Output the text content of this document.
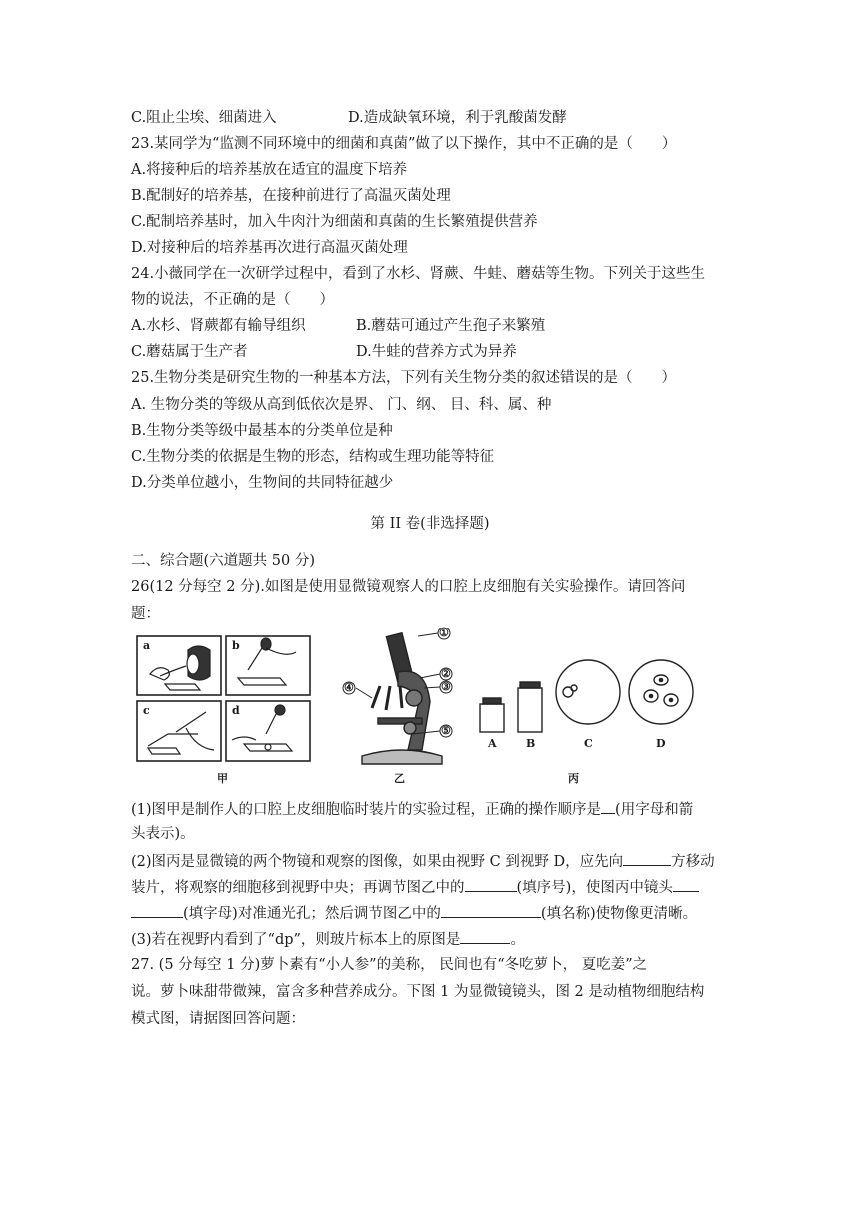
C.阻止尘埃、细菌进入	D.造成缺氧环境，利于乳酸菌发酵
23.某同学为“监测不同环境中的细菌和真菌”做了以下操作，其中不正确的是（　　）
A.将接种后的培养基放在适宜的温度下培养
B.配制好的培养基，在接种前进行了高温灭菌处理
C.配制培养基时，加入牛肉汁为细菌和真菌的生长繁殖提供营养
D.对接种后的培养基再次进行高温灭菌处理
24.小薇同学在一次研学过程中，看到了水杉、肾蕨、牛蛙、蘑菇等生物。下列关于这些生
物的说法，不正确的是（　　）
A.水杉、肾蕨都有输导组织	B.蘑菇可通过产生孢子来繁殖
C.蘑菇属于生产者	D.牛蛙的营养方式为异养
25.生物分类是研究生物的一种基本方法，下列有关生物分类的叙述错误的是（　　）
A. 生物分类的等级从高到低依次是界、 门、纲、 目、科、属、种
B.生物分类等级中最基本的分类单位是种
C.生物分类的依据是生物的形态，结构或生理功能等特征
D.分类单位越小，生物间的共同特征越少
第 II 卷(非选择题)
二、综合题(六道题共 50 分)
26(12 分每空 2 分).如图是使用显微镜观察人的口腔上皮细胞有关实验操作。请回答问
题：
a	b
c	d
①
②
③
④
⑤
A	B	C	D
甲	乙	丙
(1)图甲是制作人的口腔上皮细胞临时装片的实验过程，正确的操作顺序是 (用字母和箭
头表示)。
(2)图丙是显微镜的两个物镜和观察的图像，如果由视野 C 到视野 D，应先向	方移动
装片，将观察的细胞移到视野中央；再调节图乙中的	(填序号)，使图丙中镜头
(填字母)对准通光孔；然后调节图乙中的	(填名称)使物像更清晰。
(3)若在视野内看到了“dp”，则玻片标本上的原图是	。
27. (5 分每空 1 分)萝卜素有“小人参”的美称， 民间也有“冬吃萝卜， 夏吃姜”之
说。萝卜味甜带微辣，富含多种营养成分。下图 1 为显微镜镜头，图 2 是动植物细胞结构
模式图，请据图回答问题：
